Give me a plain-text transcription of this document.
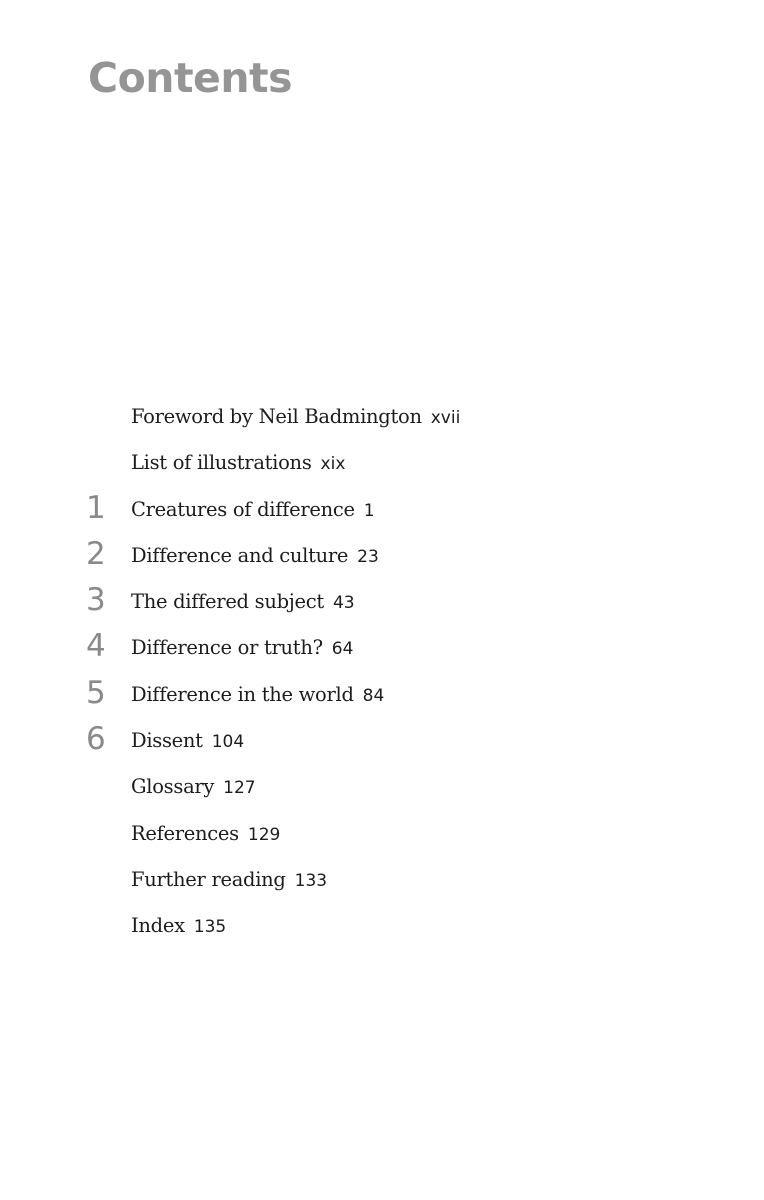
Contents
Foreword by Neil Badmington xvii
List of illustrations xix
1	Creatures of difference 1
2	Difference and culture 23
3	The differed subject 43
4	Difference or truth? 64
5	Difference in the world 84
6	Dissent 104
Glossary 127
References 129
Further reading 133
Index 135
